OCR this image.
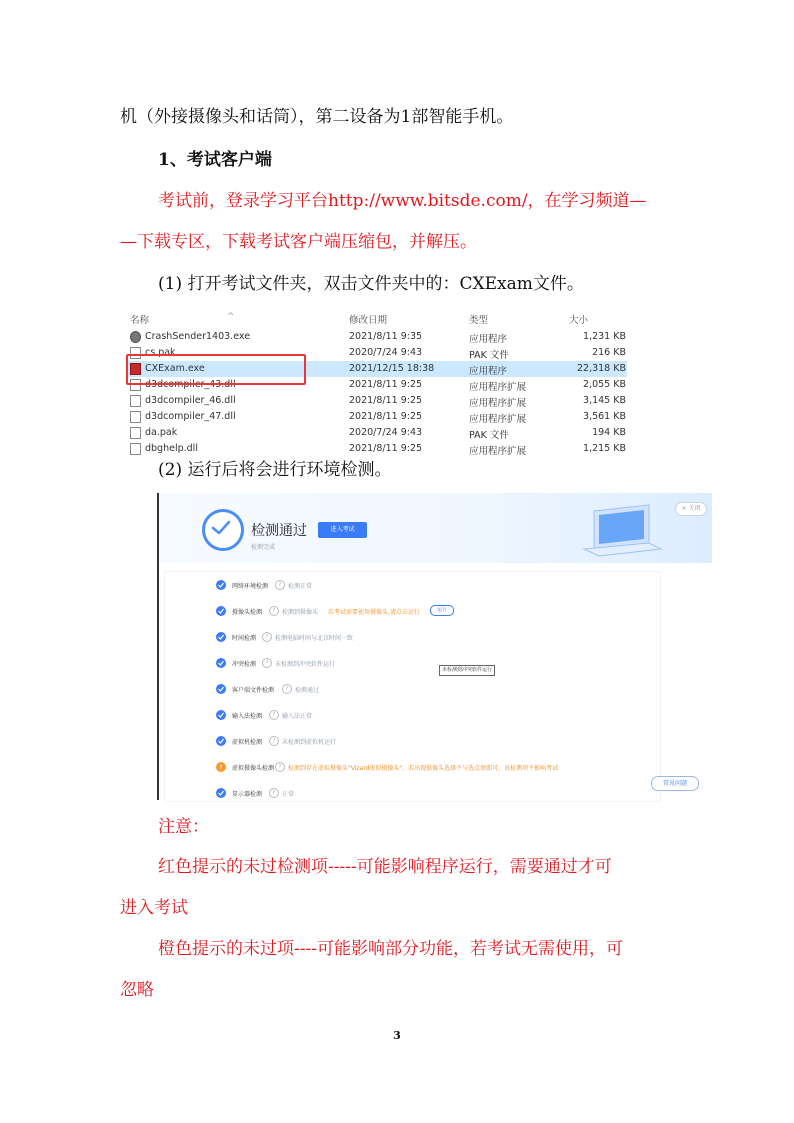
机（外接摄像头和话筒），第二设备为1部智能手机。
1、考试客户端
考试前，登录学习平台http://www.bitsde.com/，在学习频道—
—下载专区，下载考试客户端压缩包，并解压。
(1) 打开考试文件夹，双击文件夹中的：CXExam文件。
^
名称	修改日期	类型	大小
CrashSender1403.exe	2021/8/11 9:35	应用程序	1,231 KB
cs.pak	2020/7/24 9:43	PAK 文件	216 KB
CXExam.exe	2021/12/15 18:38	应用程序	22,318 KB
d3dcompiler_43.dll	2021/8/11 9:25	应用程序扩展	2,055 KB
d3dcompiler_46.dll	2021/8/11 9:25	应用程序扩展	3,145 KB
d3dcompiler_47.dll	2021/8/11 9:25	应用程序扩展	3,561 KB
da.pak	2020/7/24 9:43	PAK 文件	194 KB
dbghelp.dll	2021/8/11 9:25	应用程序扩展	1,215 KB
(2) 运行后将会进行环境检测。
检测通过
检测完成
进入考试
× 关闭
网络环境检测	?	检测正常
摄像头检测	?	检测到摄像头 若考试需要使用摄像头,请点击运行	运行
时间检测	?	检测电脑时间与北京时间一致
冲突检测	?	未检测到冲突软件运行
未检测到冲突软件运行
客户端文件检测	?	检测通过
输入法检测	?	输入法正常
虚拟机检测	?	未检测到虚拟机运行
虚拟摄像头检测 ?	检测到存在虚拟摄像头"Vizard虚拟摄像头"，若出现摄像头选择不与选点须即可，该检测项不影响考试
显示器检测	?	正常
常见问题
注意：
红色提示的未过检测项-----可能影响程序运行，需要通过才可
进入考试
橙色提示的未过项----可能影响部分功能，若考试无需使用，可
忽略
3
